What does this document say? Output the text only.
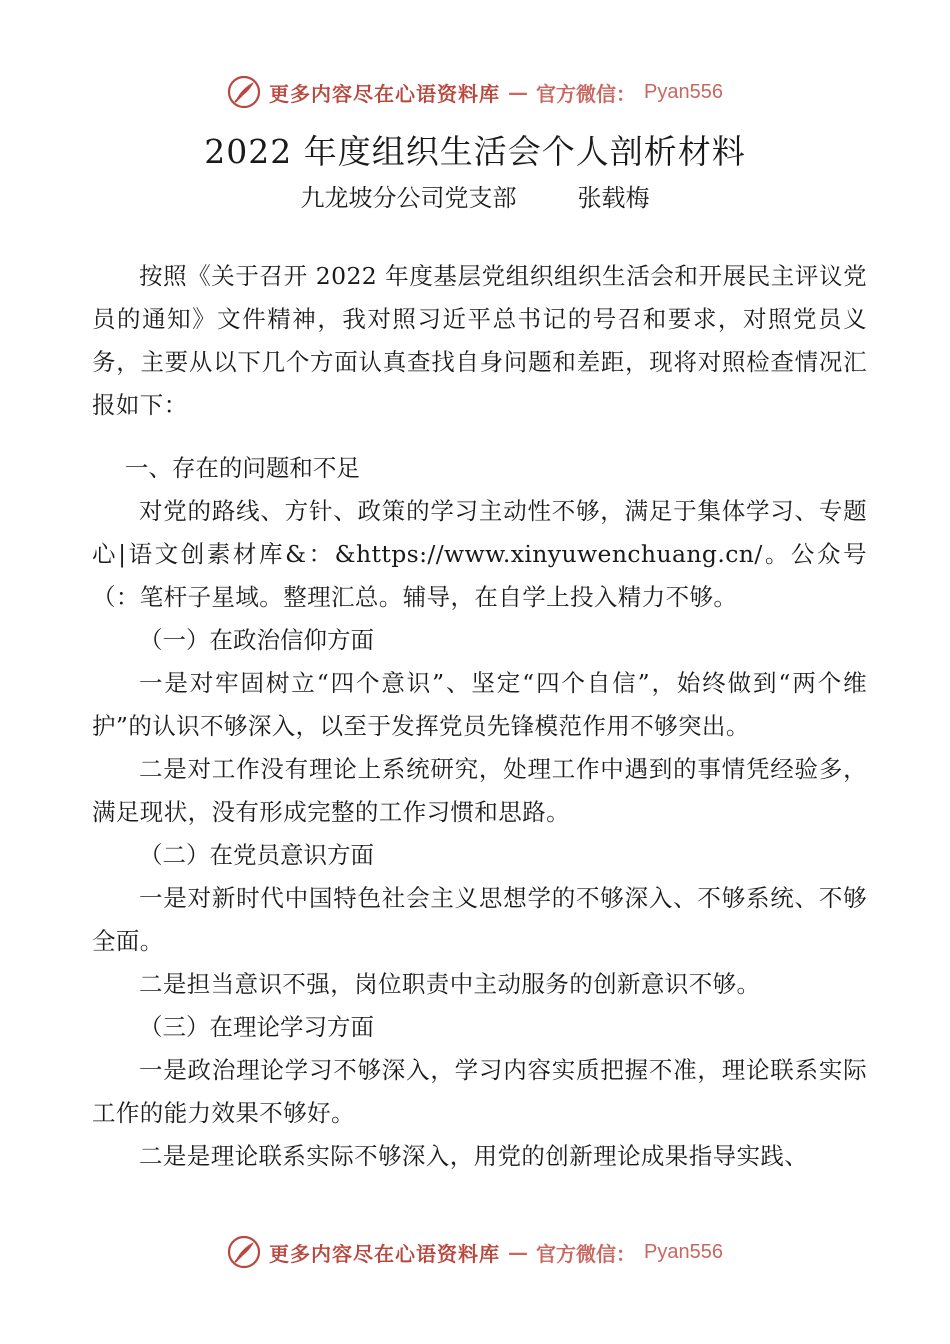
更多内容尽在心语资料库 — 官方微信： Pyan556
2022 年度组织生活会个人剖析材料
九龙坡分公司党支部        张载梅

按照《关于召开 2022 年度基层党组织组织生活会和开展民主评议党员的通知》文件精神，我对照习近平总书记的号召和要求，对照党员义务，主要从以下几个方面认真查找自身问题和差距，现将对照检查情况汇报如下：

一、存在的问题和不足

对党的路线、方针、政策的学习主动性不够，满足于集体学习、专题心|语文创素材库&：&https://www.xinyuwenchuang.cn/。公众号（：笔杆子星域。整理汇总。辅导，在自学上投入精力不够。

（一）在政治信仰方面

一是对牢固树立“四个意识”、坚定“四个自信”，始终做到“两个维护”的认识不够深入，以至于发挥党员先锋模范作用不够突出。

二是对工作没有理论上系统研究，处理工作中遇到的事情凭经验多，满足现状，没有形成完整的工作习惯和思路。

（二）在党员意识方面

一是对新时代中国特色社会主义思想学的不够深入、不够系统、不够全面。

二是担当意识不强，岗位职责中主动服务的创新意识不够。

（三）在理论学习方面

一是政治理论学习不够深入，学习内容实质把握不准，理论联系实际工作的能力效果不够好。

二是是理论联系实际不够深入，用党的创新理论成果指导实践、

更多内容尽在心语资料库 — 官方微信： Pyan556
